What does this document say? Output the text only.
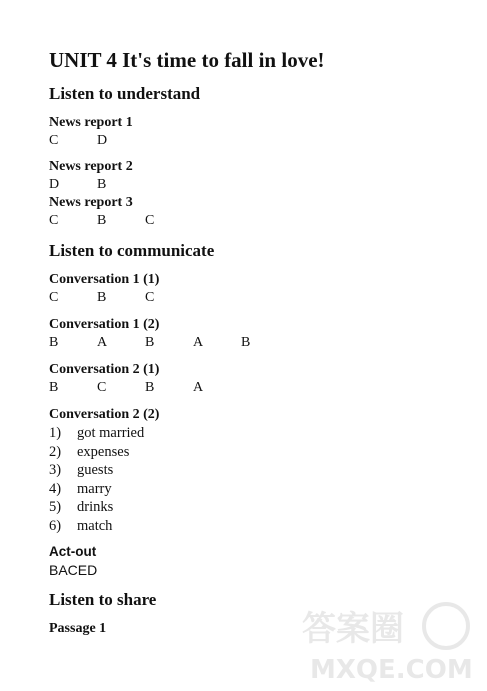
UNIT 4 It's time to fall in love!
Listen to understand
News report 1
C	D
News report 2
D	B
News report 3
C	B	C
Listen to communicate
Conversation 1 (1)
C	B	C
Conversation 1 (2)
B	A	B	A	B
Conversation 2 (1)
B	C	B	A
Conversation 2 (2)
1)	got married
2)	expenses
3)	guests
4)	marry
5)	drinks
6)	match
Act-out
BACED
Listen to share
Passage 1	答案圈
MXQE.COM
